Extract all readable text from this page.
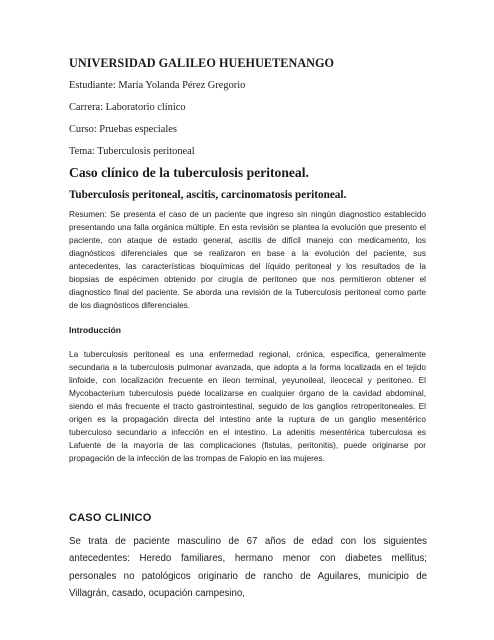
UNIVERSIDAD GALILEO HUEHUETENANGO

Estudiante: María Yolanda Pérez Gregorio

Carrera: Laboratorio clínico

Curso: Pruebas especiales

Tema: Tuberculosis peritoneal

Caso clínico de la tuberculosis peritoneal.

Tuberculosis peritoneal, ascitis, carcinomatosis peritoneal.

Resumen: Se presenta el caso de un paciente que ingreso sin ningún diagnostico establecido presentando una falla orgánica múltiple. En esta revisión se plantea la evolución que presento el paciente, con ataque de estado general, ascitis de difícil manejo con medicamento, los diagnósticos diferenciales que se realizaron en base a la evolución del paciente, sus antecedentes, las características bioquímicas del líquido peritoneal y los resultados de la biopsias de espécimen obtenido por cirugía de peritoneo que nos permitieron obtener el diagnostico final del paciente. Se aborda una revisión de la Tuberculosis peritoneal como parte de los diagnósticos diferenciales.

Introducción

La tuberculosis peritoneal es una enfermedad regional, crónica, especifica, generalmente secundaria a la tuberculosis pulmonar avanzada, que adopta a la forma localizada en el tejido linfoide, con localización frecuente en íleon terminal, yeyunoileal, ileocecal y peritoneo. El Mycobacterium tuberculosis puede localizarse en cualquier órgano de la cavidad abdominal, siendo el más frecuente el tracto gastrointestinal, seguido de los ganglios retroperitoneales. El origen es la propagación directa del intestino ante la ruptura de un ganglio mesentérico tuberculoso secundario a infección en el intestino. La adenitis mesentérica tuberculosa es Lafuente de la mayoría de las complicaciones (fistulas, peritonitis), puede originarse por propagación de la infección de las trompas de Falopio en las mujeres.

CASO CLINICO

Se trata de paciente masculino de 67 años de edad con los siguientes antecedentes: Heredo familiares, hermano menor con diabetes mellitus; personales no patológicos originario de rancho de Aguilares, municipio de Villagrán, casado, ocupación campesino,
